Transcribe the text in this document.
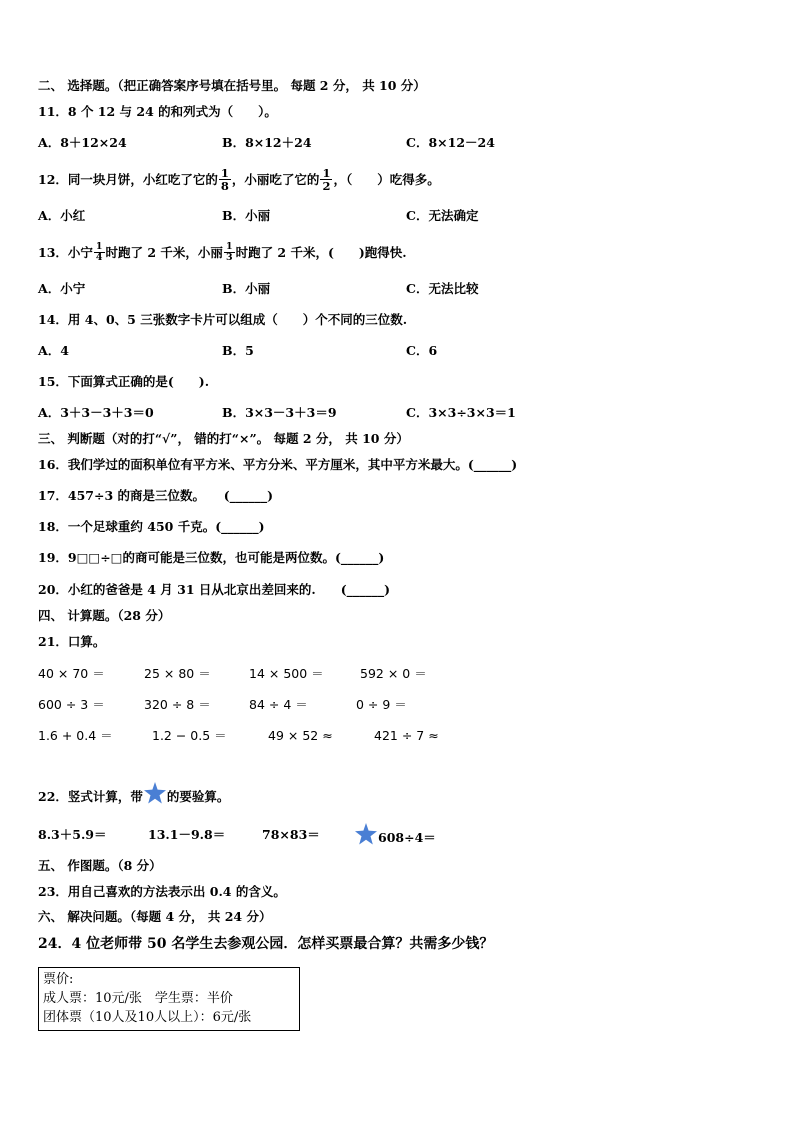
二、 选择题。（把正确答案序号填在括号里。 每题 2 分， 共 10 分）
11．8 个 12 与 24 的和列式为（　　）。
A．8＋12×24	B．8×12＋24	C．8×12－24
12．同一块月饼，小红吃了它的 $\frac{1}{8}$ ，小丽吃了它的 $\frac{1}{2}$ ，（　　）吃得多。
A．小红	B．小丽	C．无法确定
13．小宁 $\frac{1}{4}$ 时跑了 2 千米，小丽 $\frac{1}{3}$ 时跑了 2 千米，(　　)跑得快.
A．小宁	B．小丽	C．无法比较
14．用 4、0、5 三张数字卡片可以组成（　　）个不同的三位数.
A．4	B．5	C．6
15．下面算式正确的是(　　).
A．3＋3－3＋3＝0	B．3×3－3＋3＝9	C．3×3÷3×3＝1
三、 判断题（对的打“√”， 错的打“×”。 每题 2 分， 共 10 分）
16．我们学过的面积单位有平方米、平方分米、平方厘米，其中平方米最大。(______)
17．457÷3 的商是三位数。　　(______)
18．一个足球重约 450 千克。(______)
19．9□□÷□的商可能是三位数，也可能是两位数。(______)
20．小红的爸爸是 4 月 31 日从北京出差回来的.　　(______)
四、 计算题。（28 分）
21．口算。
40 × 70 ＝	25 × 80 ＝	14 × 500 ＝	592 × 0 ＝
600 ÷ 3 ＝	320 ÷ 8 ＝	84 ÷ 4 ＝	0 ÷ 9 ＝
1.6 + 0.4 ＝	1.2 − 0.5 ＝	49 × 52 ≈	421 ÷ 7 ≈
22．竖式计算，带 的要验算。
8.3＋5.9＝	13.1－9.8＝	78×83＝	608÷4＝
五、 作图题。（8 分）
23．用自己喜欢的方法表示出 0.4 的含义。
六、 解决问题。（每题 4 分， 共 24 分）
24．4 位老师带 50 名学生去参观公园．怎样买票最合算？共需多少钱？
票价:
成人票：10元/张　学生票：半价
团体票（10人及10人以上）：6元/张
